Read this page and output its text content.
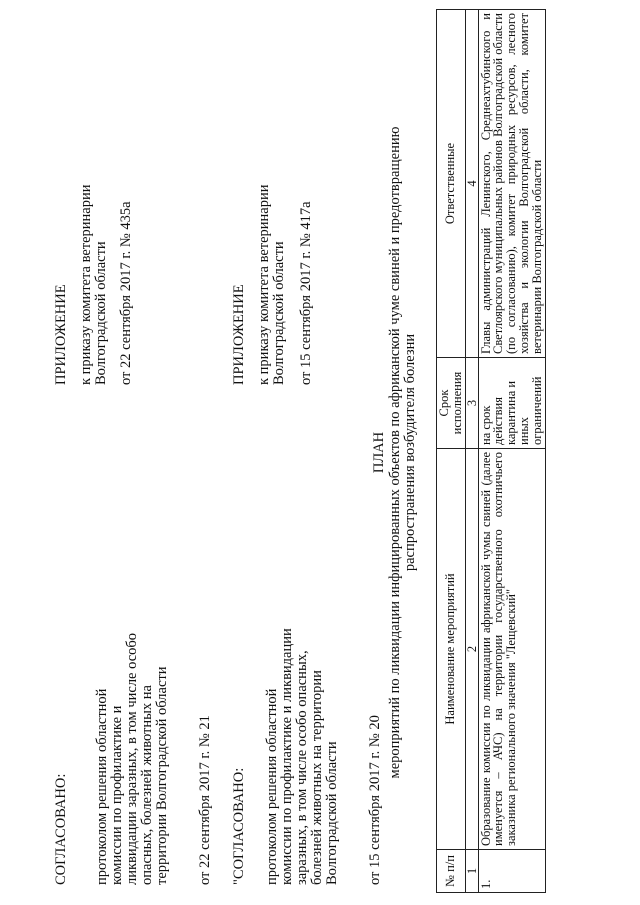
СОГЛАСОВАНО: протоколом решения областной комиссии по профилактике и ликвидации заразных, в том числе особо опасных, болезней животных на территории Волгоградской области от 22 сентября 2017 г. № 21
ПРИЛОЖЕНИЕ к приказу комитета ветеринарии Волгоградской области от 22 сентября 2017 г. № 435а
"СОГЛАСОВАНО: протоколом решения областной комиссии по профилактике и ликвидации заразных, в том числе особо опасных, болезней животных на территории Волгоградской области от 15 сентября 2017 г. № 20
ПРИЛОЖЕНИЕ к приказу комитета ветеринарии Волгоградской области от 15 сентября 2017 г. № 417а
ПЛАН мероприятий по ликвидации инфицированных объектов по африканской чуме свиней и предотвращению распространения возбудителя болезни
№ п/п	Наименование мероприятий	Срок исполнения	Ответственные
1	2	3	4
1.	Образование комиссии по ликвидации африканской чумы свиней (далее именуется – АЧС) на территории государственного охотничьего заказника регионального значения "Лещевский"	на срок действия карантина и иных ограничений	Главы администраций Ленинского, Среднеахтубинского и Светлоярского муниципальных районов Волгоградской области (по согласованию), комитет природных ресурсов, лесного хозяйства и экологии Волгоградской области, комитет ветеринарии Волгоградской области
